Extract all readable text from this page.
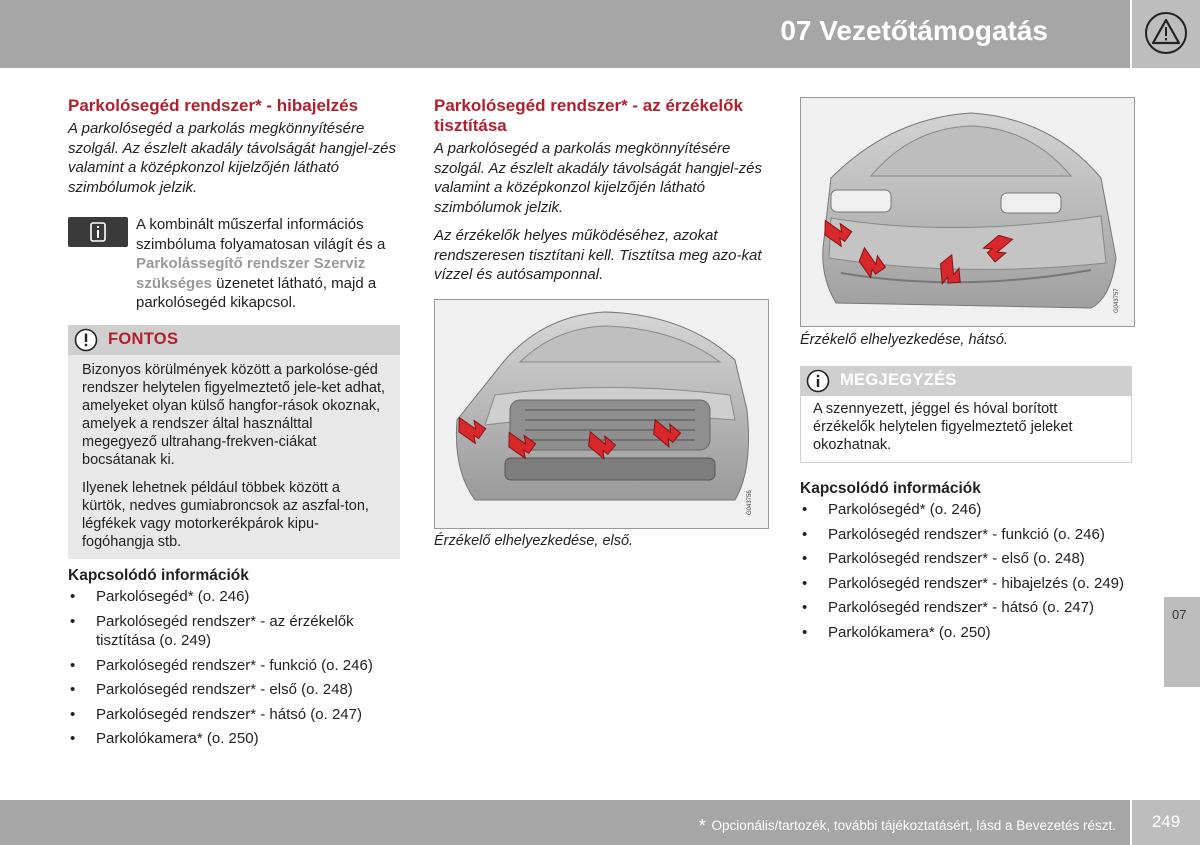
07 Vezetőtámogatás
Parkolósegéd rendszer* - hibajelzés

A parkolósegéd a parkolás megkönnyítésére szolgál. Az észlelt akadály távolságát hangjel-zés valamint a középkonzol kijelzőjén látható szimbólumok jelzik.

A kombinált műszerfal információs szimbóluma folyamatosan világít és a Parkolássegítő rendszer Szerviz szükséges üzenetet látható, majd a parkolósegéd kikapcsol.
FONTOS

Bizonyos körülmények között a parkolóse-géd rendszer helytelen figyelmeztető jele-ket adhat, amelyeket olyan külső hangfor-rások okoznak, amelyek a rendszer által használttal megegyező ultrahang-frekven-ciákat bocsátanak ki.

Ilyenek lehetnek például többek között a kürtök, nedves gumiabroncsok az aszfal-ton, légfékek vagy motorkerékpárok kipu-fogóhangja stb.

Kapcsolódó információk
• Parkolósegéd* (o. 246)
• Parkolósegéd rendszer* - az érzékelők tisztítása (o. 249)
• Parkolósegéd rendszer* - funkció (o. 246)
• Parkolósegéd rendszer* - első (o. 248)
• Parkolósegéd rendszer* - hátsó (o. 247)
• Parkolókamera* (o. 250)
Parkolósegéd rendszer* - az érzékelők tisztítása

A parkolósegéd a parkolás megkönnyítésére szolgál. Az észlelt akadály távolságát hangjel-zés valamint a középkonzol kijelzőjén látható szimbólumok jelzik.

Az érzékelők helyes működéséhez, azokat rendszeresen tisztítani kell. Tisztítsa meg azo-kat vízzel és autósamponnal.

G043756
Érzékelő elhelyezkedése, első.
G043757
Érzékelő elhelyezkedése, hátsó.
MEGJEGYZÉS

A szennyezett, jéggel és hóval borított érzékelők helytelen figyelmeztető jeleket okozhatnak.

Kapcsolódó információk
• Parkolósegéd* (o. 246)
• Parkolósegéd rendszer* - funkció (o. 246)
• Parkolósegéd rendszer* - első (o. 248)
• Parkolósegéd rendszer* - hibajelzés (o. 249)
• Parkolósegéd rendszer* - hátsó (o. 247)
• Parkolókamera* (o. 250)
07
* Opcionális/tartozék, további tájékoztatásért, lásd a Bevezetés részt.	249
